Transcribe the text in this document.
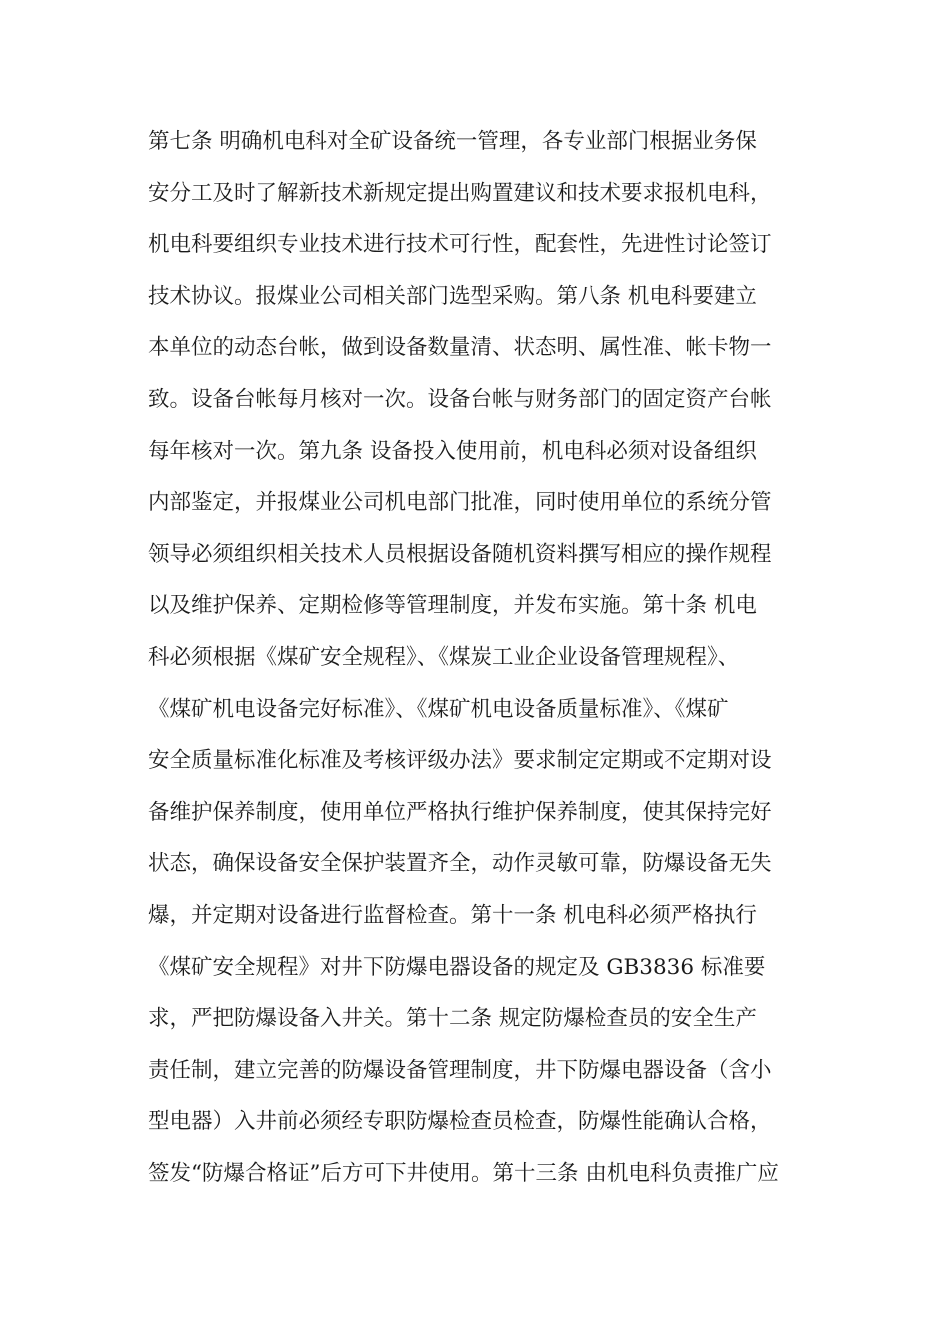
第七条 明确机电科对全矿设备统一管理，各专业部门根据业务保
安分工及时了解新技术新规定提出购置建议和技术要求报机电科，
机电科要组织专业技术进行技术可行性，配套性，先进性讨论签订
技术协议。报煤业公司相关部门选型采购。第八条 机电科要建立
本单位的动态台帐，做到设备数量清、状态明、属性准、帐卡物一
致。设备台帐每月核对一次。设备台帐与财务部门的固定资产台帐
每年核对一次。第九条 设备投入使用前，机电科必须对设备组织
内部鉴定，并报煤业公司机电部门批准，同时使用单位的系统分管
领导必须组织相关技术人员根据设备随机资料撰写相应的操作规程
以及维护保养、定期检修等管理制度，并发布实施。第十条 机电
科必须根据《煤矿安全规程》、《煤炭工业企业设备管理规程》、
《煤矿机电设备完好标准》、《煤矿机电设备质量标准》、《煤矿
安全质量标准化标准及考核评级办法》要求制定定期或不定期对设
备维护保养制度，使用单位严格执行维护保养制度，使其保持完好
状态，确保设备安全保护装置齐全，动作灵敏可靠，防爆设备无失
爆，并定期对设备进行监督检查。第十一条 机电科必须严格执行
《煤矿安全规程》对井下防爆电器设备的规定及 GB3836 标准要
求，严把防爆设备入井关。第十二条 规定防爆检查员的安全生产
责任制，建立完善的防爆设备管理制度，井下防爆电器设备（含小
型电器）入井前必须经专职防爆检查员检查，防爆性能确认合格，
签发“防爆合格证”后方可下井使用。第十三条 由机电科负责推广应
